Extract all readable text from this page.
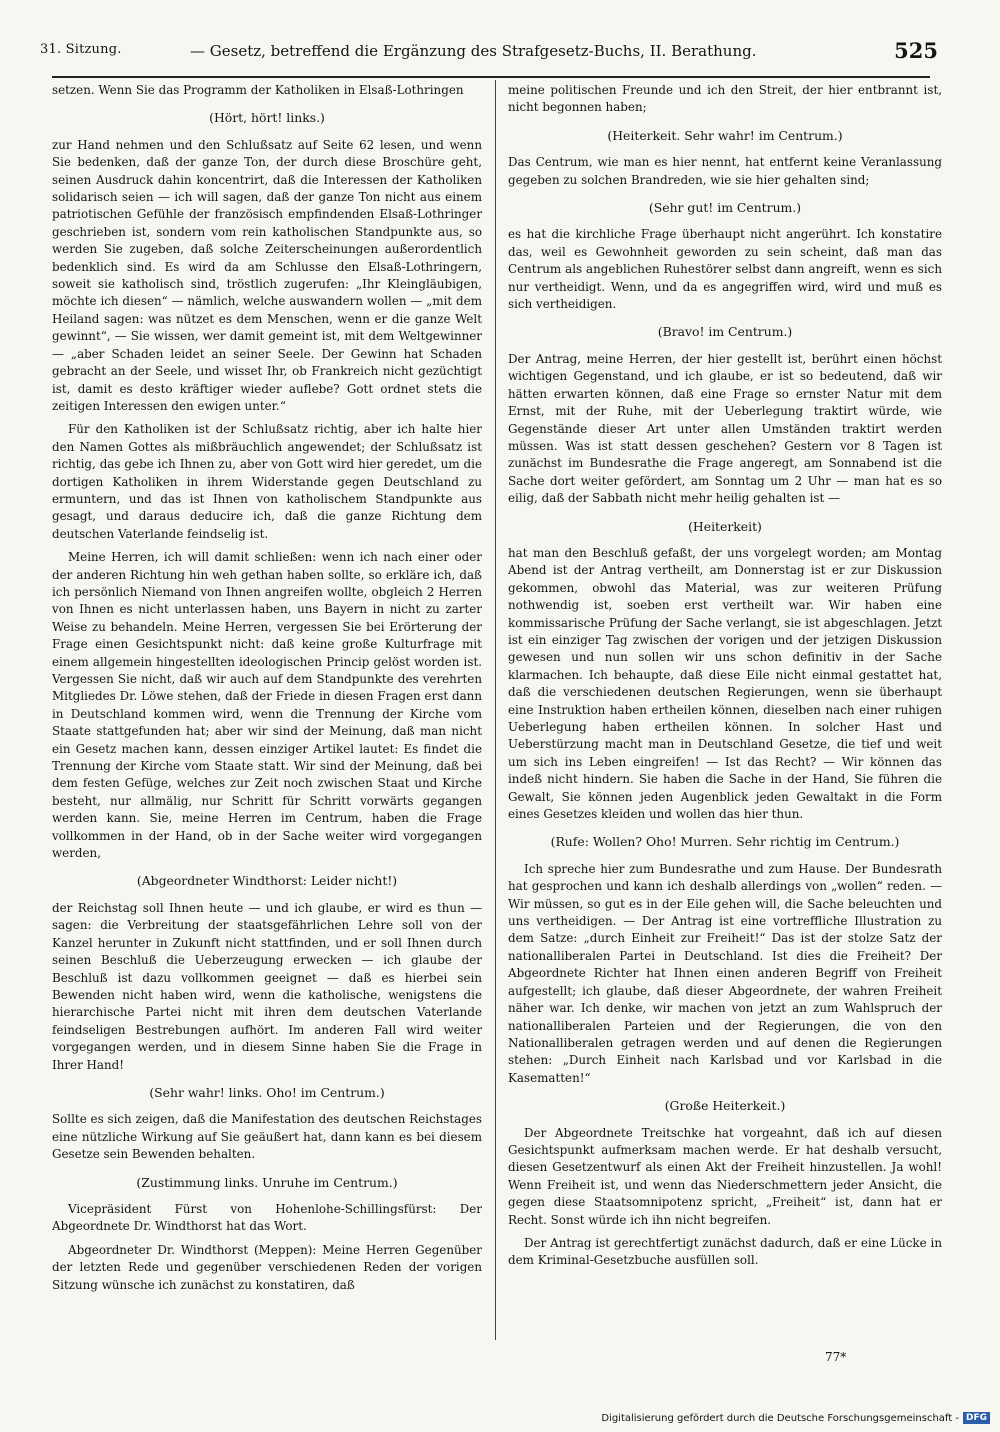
31. Sitzung.	— Gesetz, betreffend die Ergänzung des Strafgesetz-Buchs, II. Berathung.	525

setzen. Wenn Sie das Programm der Katholiken in Elsaß-Lothringen

(Hört, hört! links.)

zur Hand nehmen und den Schlußsatz auf Seite 62 lesen, und wenn Sie bedenken, daß der ganze Ton, der durch diese Broschüre geht, seinen Ausdruck dahin koncentrirt, daß die Interessen der Katholiken solidarisch seien — ich will sagen, daß der ganze Ton nicht aus einem patriotischen Gefühle der französisch empfindenden Elsaß-Lothringer geschrieben ist, sondern vom rein katholischen Standpunkte aus, so werden Sie zugeben, daß solche Zeiterscheinungen außerordentlich bedenklich sind. Es wird da am Schlusse den Elsaß-Lothringern, soweit sie katholisch sind, tröstlich zugerufen: „Ihr Kleingläubigen, möchte ich diesen“ — nämlich, welche auswandern wollen — „mit dem Heiland sagen: was nützet es dem Menschen, wenn er die ganze Welt gewinnt“, — Sie wissen, wer damit gemeint ist, mit dem Weltgewinner — „aber Schaden leidet an seiner Seele. Der Gewinn hat Schaden gebracht an der Seele, und wisset Ihr, ob Frankreich nicht gezüchtigt ist, damit es desto kräftiger wieder auflebe? Gott ordnet stets die zeitigen Interessen den ewigen unter.“

Für den Katholiken ist der Schlußsatz richtig, aber ich halte hier den Namen Gottes als mißbräuchlich angewendet; der Schlußsatz ist richtig, das gebe ich Ihnen zu, aber von Gott wird hier geredet, um die dortigen Katholiken in ihrem Widerstande gegen Deutschland zu ermuntern, und das ist Ihnen von katholischem Standpunkte aus gesagt, und daraus deducire ich, daß die ganze Richtung dem deutschen Vaterlande feindselig ist.

Meine Herren, ich will damit schließen: wenn ich nach einer oder der anderen Richtung hin weh gethan haben sollte, so erkläre ich, daß ich persönlich Niemand von Ihnen angreifen wollte, obgleich 2 Herren von Ihnen es nicht unterlassen haben, uns Bayern in nicht zu zarter Weise zu behandeln. Meine Herren, vergessen Sie bei Erörterung der Frage einen Gesichtspunkt nicht: daß keine große Kulturfrage mit einem allgemein hingestellten ideologischen Princip gelöst worden ist. Vergessen Sie nicht, daß wir auch auf dem Standpunkte des verehrten Mitgliedes Dr. Löwe stehen, daß der Friede in diesen Fragen erst dann in Deutschland kommen wird, wenn die Trennung der Kirche vom Staate stattgefunden hat; aber wir sind der Meinung, daß man nicht ein Gesetz machen kann, dessen einziger Artikel lautet: Es findet die Trennung der Kirche vom Staate statt. Wir sind der Meinung, daß bei dem festen Gefüge, welches zur Zeit noch zwischen Staat und Kirche besteht, nur allmälig, nur Schritt für Schritt vorwärts gegangen werden kann. Sie, meine Herren im Centrum, haben die Frage vollkommen in der Hand, ob in der Sache weiter wird vorgegangen werden,

(Abgeordneter Windthorst: Leider nicht!)

der Reichstag soll Ihnen heute — und ich glaube, er wird es thun — sagen: die Verbreitung der staatsgefährlichen Lehre soll von der Kanzel herunter in Zukunft nicht stattfinden, und er soll Ihnen durch seinen Beschluß die Ueberzeugung erwecken — ich glaube der Beschluß ist dazu vollkommen geeignet — daß es hierbei sein Bewenden nicht haben wird, wenn die katholische, wenigstens die hierarchische Partei nicht mit ihren dem deutschen Vaterlande feindseligen Bestrebungen aufhört. Im anderen Fall wird weiter vorgegangen werden, und in diesem Sinne haben Sie die Frage in Ihrer Hand!

(Sehr wahr! links. Oho! im Centrum.)

Sollte es sich zeigen, daß die Manifestation des deutschen Reichstages eine nützliche Wirkung auf Sie geäußert hat, dann kann es bei diesem Gesetze sein Bewenden behalten.

(Zustimmung links. Unruhe im Centrum.)

Vicepräsident Fürst von Hohenlohe-Schillingsfürst: Der Abgeordnete Dr. Windthorst hat das Wort.

Abgeordneter Dr. Windthorst (Meppen): Meine Herren Gegenüber der letzten Rede und gegenüber verschiedenen Reden der vorigen Sitzung wünsche ich zunächst zu konstatiren, daß

meine politischen Freunde und ich den Streit, der hier entbrannt ist, nicht begonnen haben;

(Heiterkeit. Sehr wahr! im Centrum.)

Das Centrum, wie man es hier nennt, hat entfernt keine Veranlassung gegeben zu solchen Brandreden, wie sie hier gehalten sind;

(Sehr gut! im Centrum.)

es hat die kirchliche Frage überhaupt nicht angerührt. Ich konstatire das, weil es Gewohnheit geworden zu sein scheint, daß man das Centrum als angeblichen Ruhestörer selbst dann angreift, wenn es sich nur vertheidigt. Wenn, und da es angegriffen wird, wird und muß es sich vertheidigen.

(Bravo! im Centrum.)

Der Antrag, meine Herren, der hier gestellt ist, berührt einen höchst wichtigen Gegenstand, und ich glaube, er ist so bedeutend, daß wir hätten erwarten können, daß eine Frage so ernster Natur mit dem Ernst, mit der Ruhe, mit der Ueberlegung traktirt würde, wie Gegenstände dieser Art unter allen Umständen traktirt werden müssen. Was ist statt dessen geschehen? Gestern vor 8 Tagen ist zunächst im Bundesrathe die Frage angeregt, am Sonnabend ist die Sache dort weiter gefördert, am Sonntag um 2 Uhr — man hat es so eilig, daß der Sabbath nicht mehr heilig gehalten ist —

(Heiterkeit)

hat man den Beschluß gefaßt, der uns vorgelegt worden; am Montag Abend ist der Antrag vertheilt, am Donnerstag ist er zur Diskussion gekommen, obwohl das Material, was zur weiteren Prüfung nothwendig ist, soeben erst vertheilt war. Wir haben eine kommissarische Prüfung der Sache verlangt, sie ist abgeschlagen. Jetzt ist ein einziger Tag zwischen der vorigen und der jetzigen Diskussion gewesen und nun sollen wir uns schon definitiv in der Sache klarmachen. Ich behaupte, daß diese Eile nicht einmal gestattet hat, daß die verschiedenen deutschen Regierungen, wenn sie überhaupt eine Instruktion haben ertheilen können, dieselben nach einer ruhigen Ueberlegung haben ertheilen können. In solcher Hast und Ueberstürzung macht man in Deutschland Gesetze, die tief und weit um sich ins Leben eingreifen! — Ist das Recht? — Wir können das indeß nicht hindern. Sie haben die Sache in der Hand, Sie führen die Gewalt, Sie können jeden Augenblick jeden Gewaltakt in die Form eines Gesetzes kleiden und wollen das hier thun.

(Rufe: Wollen? Oho! Murren. Sehr richtig im Centrum.)

Ich spreche hier zum Bundesrathe und zum Hause. Der Bundesrath hat gesprochen und kann ich deshalb allerdings von „wollen“ reden. — Wir müssen, so gut es in der Eile gehen will, die Sache beleuchten und uns vertheidigen. — Der Antrag ist eine vortreffliche Illustration zu dem Satze: „durch Einheit zur Freiheit!“ Das ist der stolze Satz der nationalliberalen Partei in Deutschland. Ist dies die Freiheit? Der Abgeordnete Richter hat Ihnen einen anderen Begriff von Freiheit aufgestellt; ich glaube, daß dieser Abgeordnete, der wahren Freiheit näher war. Ich denke, wir machen von jetzt an zum Wahlspruch der nationalliberalen Parteien und der Regierungen, die von den Nationalliberalen getragen werden und auf denen die Regierungen stehen: „Durch Einheit nach Karlsbad und vor Karlsbad in die Kasematten!“

(Große Heiterkeit.)

Der Abgeordnete Treitschke hat vorgeahnt, daß ich auf diesen Gesichtspunkt aufmerksam machen werde. Er hat deshalb versucht, diesen Gesetzentwurf als einen Akt der Freiheit hinzustellen. Ja wohl! Wenn Freiheit ist, und wenn das Niederschmettern jeder Ansicht, die gegen diese Staatsomnipotenz spricht, „Freiheit“ ist, dann hat er Recht. Sonst würde ich ihn nicht begreifen.

Der Antrag ist gerechtfertigt zunächst dadurch, daß er eine Lücke in dem Kriminal-Gesetzbuche ausfüllen soll.

77*
Digitalisierung gefördert durch die Deutsche Forschungsgemeinschaft - DFG
